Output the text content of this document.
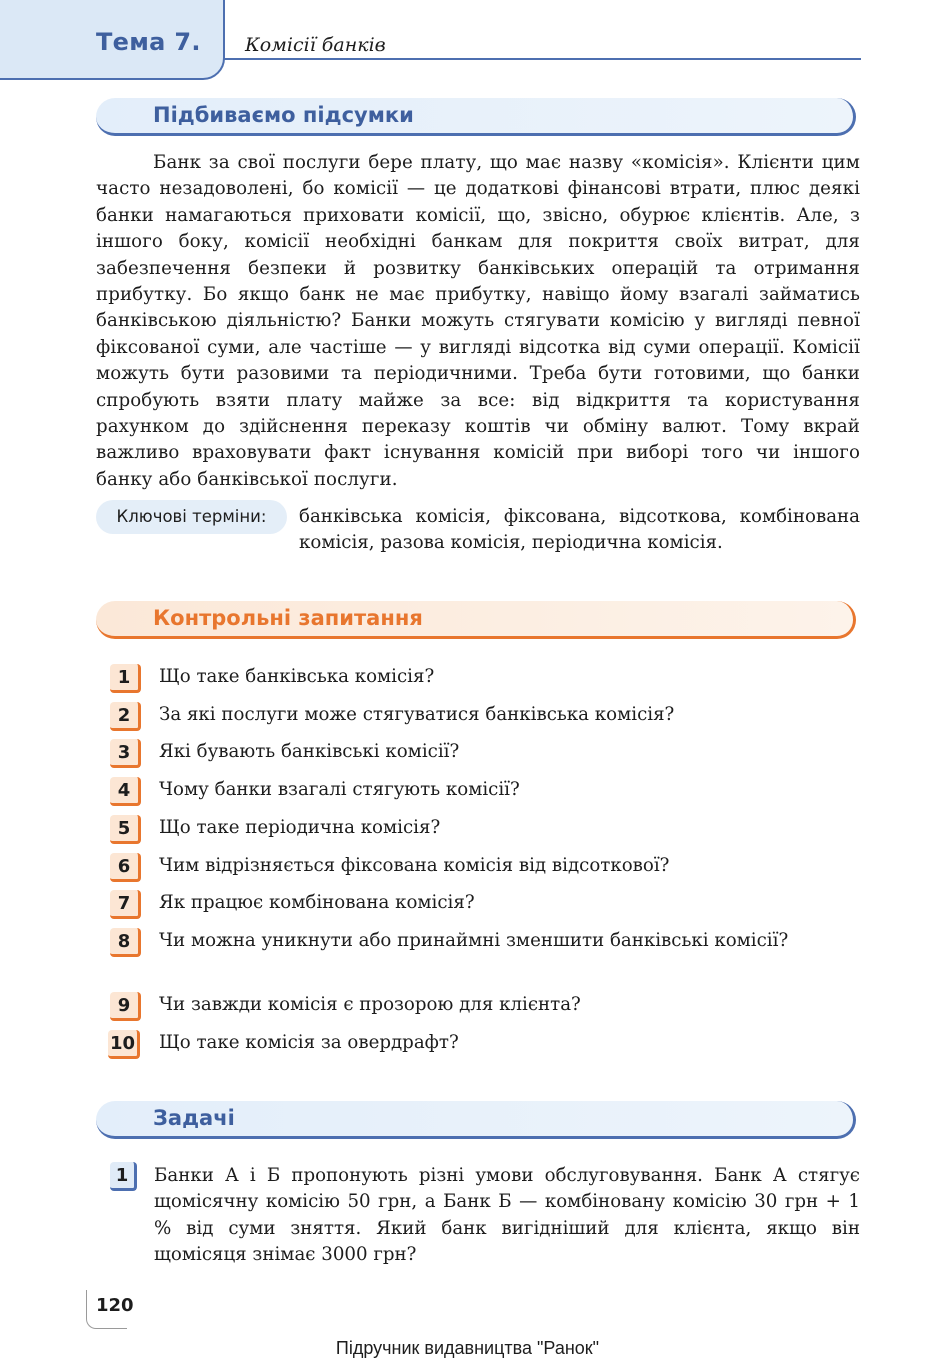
Тема 7. Комісії банків
Підбиваємо підсумки

Банк за свої послуги бере плату, що має назву «комісія». Клієнти цим часто незадоволені, бо комісії — це додаткові фінансові втрати, плюс деякі банки намагаються приховати комісії, що, звісно, обурює клієнтів. Але, з іншого боку, комісії необхідні банкам для покриття своїх витрат, для забезпечення безпеки й розвитку банківських операцій та отримання прибутку. Бо якщо банк не має прибутку, навіщо йому взагалі займатись банківською діяльністю? Банки можуть стягувати комісію у вигляді певної фіксованої суми, але частіше — у вигляді відсотка від суми операції. Комісії можуть бути разовими та періодичними. Треба бути готовими, що банки спробують взяти плату майже за все: від відкриття та користування рахунком до здійснення переказу коштів чи обміну валют. Тому вкрай важливо враховувати факт існування комісій при виборі того чи іншого банку або банківської послуги.

Ключові терміни:	банківська комісія, фіксована, відсоткова, комбінована комісія, разова комісія, періодична комісія.

Контрольні запитання
1	Що таке банківська комісія?
2	За які послуги може стягуватися банківська комісія?
3	Які бувають банківські комісії?
4	Чому банки взагалі стягують комісії?
5	Що таке періодична комісія?
6	Чим відрізняється фіксована комісія від відсоткової?
7	Як працює комбінована комісія?
8	Чи можна уникнути або принаймні зменшити банківські комісії?
9	Чи завжди комісія є прозорою для клієнта?
10 Що таке комісія за овердрафт?
Задачі
1	Банки А і Б пропонують різні умови обслуговування. Банк А стягує щомісячну комісію 50 грн, а Банк Б — комбіновану комісію 30 грн + 1 % від суми зняття. Який банк вигідніший для клієнта, якщо він щомісяця знімає 3000 грн?

120
Підручник видавництва "Ранок"
